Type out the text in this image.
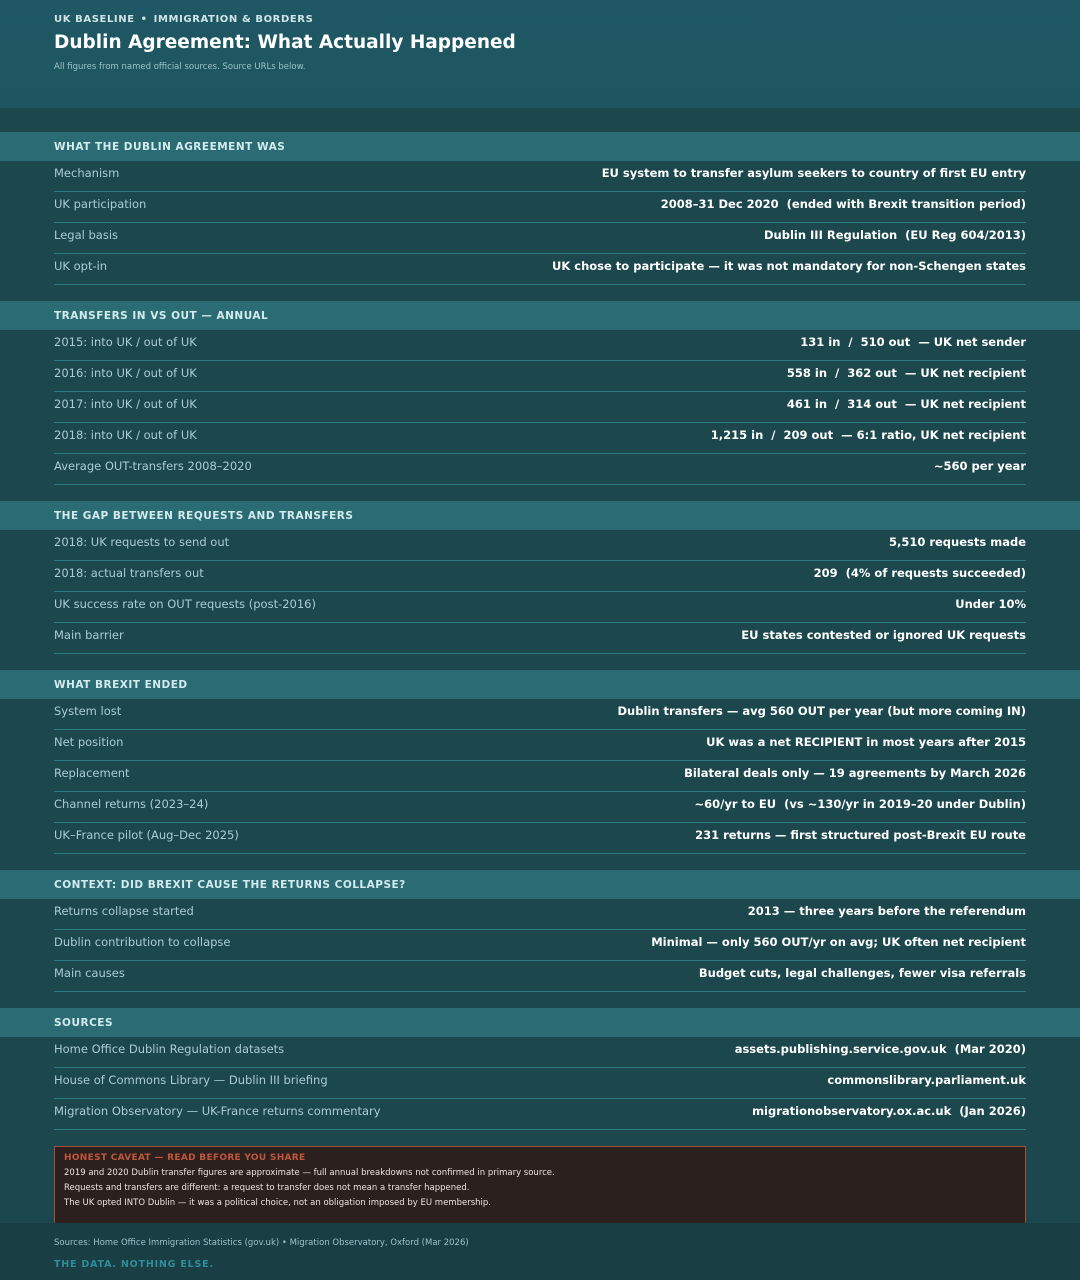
UK BASELINE • IMMIGRATION & BORDERS
Dublin Agreement: What Actually Happened
All figures from named official sources. Source URLs below.
WHAT THE DUBLIN AGREEMENT WAS
Mechanism	EU system to transfer asylum seekers to country of first EU entry
UK participation	2008–31 Dec 2020  (ended with Brexit transition period)
Legal basis	Dublin III Regulation  (EU Reg 604/2013)
UK opt-in	UK chose to participate — it was not mandatory for non-Schengen states
TRANSFERS IN VS OUT — ANNUAL
2015: into UK / out of UK	131 in  /  510 out  — UK net sender
2016: into UK / out of UK	558 in  /  362 out  — UK net recipient
2017: into UK / out of UK	461 in  /  314 out  — UK net recipient
2018: into UK / out of UK	1,215 in  /  209 out  — 6:1 ratio, UK net recipient
Average OUT-transfers 2008–2020	~560 per year
THE GAP BETWEEN REQUESTS AND TRANSFERS
2018: UK requests to send out	5,510 requests made
2018: actual transfers out	209  (4% of requests succeeded)
UK success rate on OUT requests (post-2016)	Under 10%
Main barrier	EU states contested or ignored UK requests
WHAT BREXIT ENDED
System lost	Dublin transfers — avg 560 OUT per year (but more coming IN)
Net position	UK was a net RECIPIENT in most years after 2015
Replacement	Bilateral deals only — 19 agreements by March 2026
Channel returns (2023–24)	~60/yr to EU  (vs ~130/yr in 2019–20 under Dublin)
UK–France pilot (Aug–Dec 2025)	231 returns — first structured post-Brexit EU route
CONTEXT: DID BREXIT CAUSE THE RETURNS COLLAPSE?
Returns collapse started	2013 — three years before the referendum
Dublin contribution to collapse	Minimal — only 560 OUT/yr on avg; UK often net recipient
Main causes	Budget cuts, legal challenges, fewer visa referrals
SOURCES
Home Office Dublin Regulation datasets	assets.publishing.service.gov.uk  (Mar 2020)
House of Commons Library — Dublin III briefing	commonslibrary.parliament.uk
Migration Observatory — UK-France returns commentary	migrationobservatory.ox.ac.uk  (Jan 2026)
HONEST CAVEAT — READ BEFORE YOU SHARE
2019 and 2020 Dublin transfer figures are approximate — full annual breakdowns not confirmed in primary source.
Requests and transfers are different: a request to transfer does not mean a transfer happened.
The UK opted INTO Dublin — it was a political choice, not an obligation imposed by EU membership.
Sources: Home Office Immigration Statistics (gov.uk) • Migration Observatory, Oxford (Mar 2026)
THE DATA. NOTHING ELSE.
